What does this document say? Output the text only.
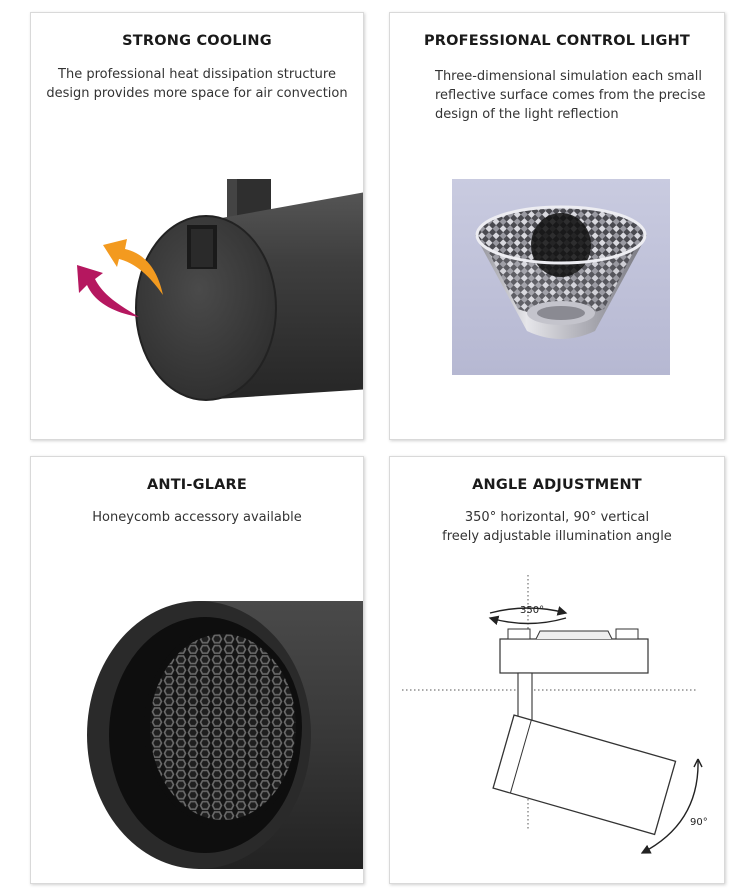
STRONG COOLING
The professional heat dissipation structure
design provides more space for air convection
PROFESSIONAL CONTROL LIGHT
Three-dimensional simulation each small
reflective surface comes from the precise
design of the light reflection
ANTI-GLARE
Honeycomb accessory available
ANGLE ADJUSTMENT
350° horizontal, 90° vertical
freely adjustable illumination angle
350°
90°
